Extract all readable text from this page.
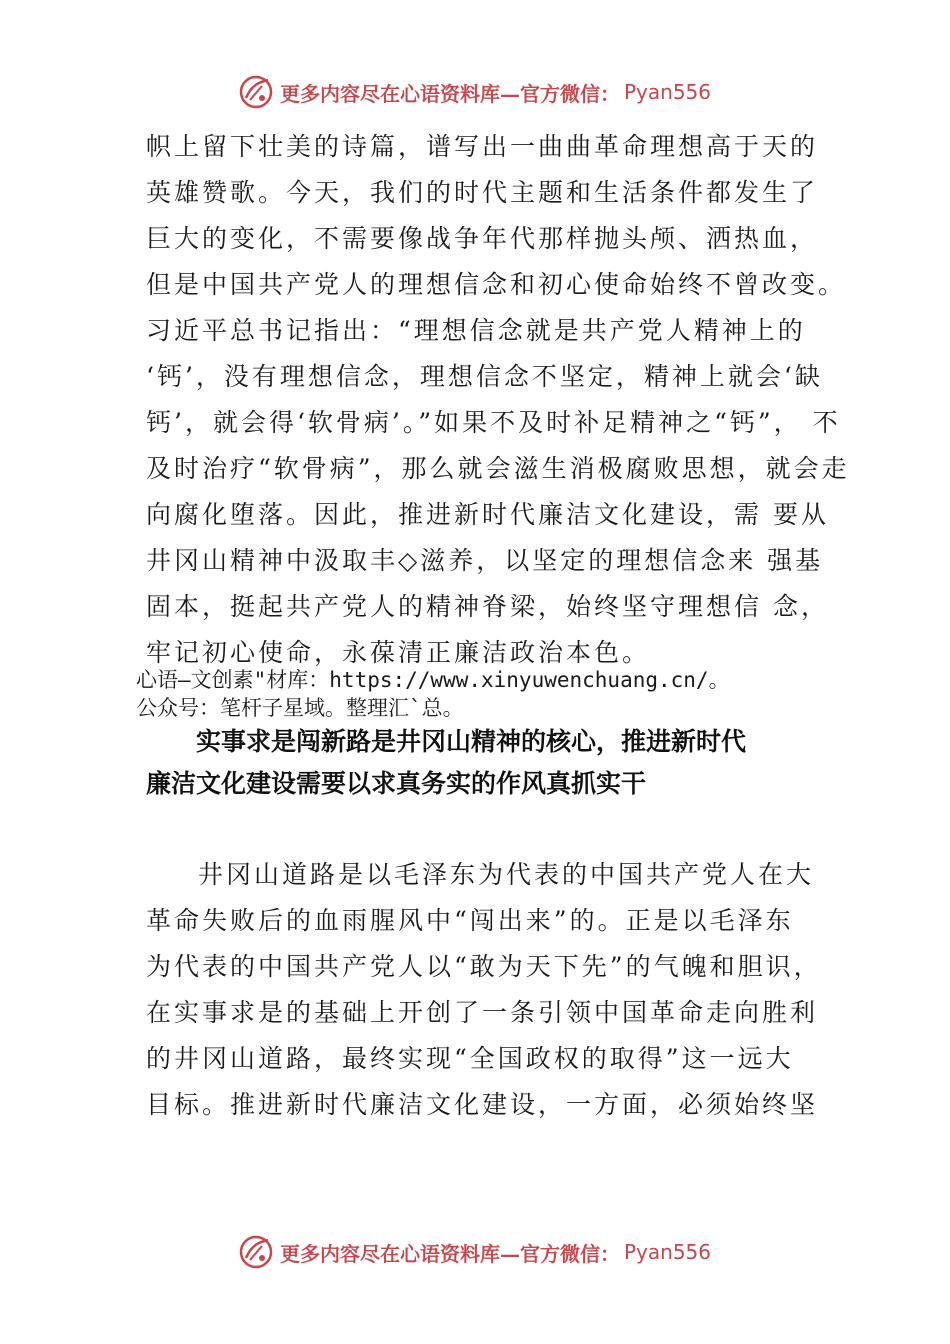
更多内容尽在心语资料库—官方微信： Pyan556
帜上留下壮美的诗篇，谱写出一曲曲革命理想高于天的
英雄赞歌。今天，我们的时代主题和生活条件都发生了
巨大的变化，不需要像战争年代那样抛头颅、洒热血，
但是中国共产党人的理想信念和初心使命始终不曾改变。
习近平总书记指出：“理想信念就是共产党人精神上的
‘钙’，没有理想信念，理想信念不坚定，精神上就会‘缺
钙’，就会得‘软骨病’。”如果不及时补足精神之“钙”， 不
及时治疗“软骨病”，那么就会滋生消极腐败思想，就会走
向腐化堕落。因此，推进新时代廉洁文化建设，需 要从
井冈山精神中汲取丰◇滋养，以坚定的理想信念来 强基
固本，挺起共产党人的精神脊梁，始终坚守理想信 念，
牢记初心使命，永葆清正廉洁政治本色。
心语—文创素"材库：https://www.xinyuwenchuang.cn/。
公众号：笔杆子星域。整理汇`总。
实事求是闯新路是井冈山精神的核心，推进新时代
廉洁文化建设需要以求真务实的作风真抓实干
井冈山道路是以毛泽东为代表的中国共产党人在大
革命失败后的血雨腥风中“闯出来”的。正是以毛泽东
为代表的中国共产党人以“敢为天下先”的气魄和胆识，
在实事求是的基础上开创了一条引领中国革命走向胜利
的井冈山道路，最终实现“全国政权的取得”这一远大
目标。推进新时代廉洁文化建设，一方面，必须始终坚
更多内容尽在心语资料库—官方微信： Pyan556
